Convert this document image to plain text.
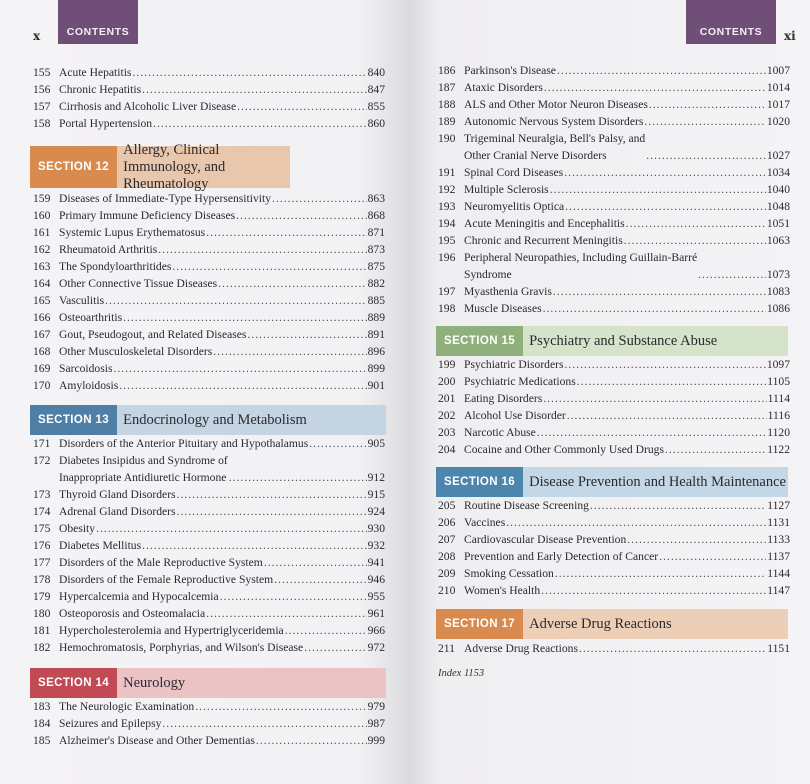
x	CONTENTS
155 Acute Hepatitis .....	840
156 Chronic Hepatitis .....	847
157 Cirrhosis and Alcoholic Liver Disease .....	855
158 Portal Hypertension .....	860
SECTION 12
Allergy, Clinical Immunology, and Rheumatology
159 Diseases of Immediate-Type Hypersensitivity .....	863
160 Primary Immune Deficiency Diseases .....	868
161 Systemic Lupus Erythematosus .....	871
162 Rheumatoid Arthritis .....	873
163 The Spondyloarthritides .....	875
164 Other Connective Tissue Diseases .....	882
165 Vasculitis .....	885
166 Osteoarthritis .....	889
167 Gout, Pseudogout, and Related Diseases .....	891
168 Other Musculoskeletal Disorders .....	896
169 Sarcoidosis .....	899
170 Amyloidosis .....	901
SECTION 13 Endocrinology and Metabolism
171 Disorders of the Anterior Pituitary and Hypothalamus .....	905
172 Diabetes Insipidus and Syndrome of
Inappropriate Antidiuretic Hormone .....	912
173 Thyroid Gland Disorders .....	915
174 Adrenal Gland Disorders .....	924
175 Obesity .....	930
176 Diabetes Mellitus .....	932
177 Disorders of the Male Reproductive System .....	941
178 Disorders of the Female Reproductive System .....	946
179 Hypercalcemia and Hypocalcemia .....	955
180 Osteoporosis and Osteomalacia .....	961
181 Hypercholesterolemia and Hypertriglyceridemia .....	966
182 Hemochromatosis, Porphyrias, and Wilson's Disease .....	972
SECTION 14 Neurology
183 The Neurologic Examination .....	979
184 Seizures and Epilepsy .....	987
185 Alzheimer's Disease and Other Dementias .....	999
CONTENTS	xi
186 Parkinson's Disease .....	1007
187 Ataxic Disorders .....	1014
188 ALS and Other Motor Neuron Diseases .....	1017
189 Autonomic Nervous System Disorders .....	1020
190 Trigeminal Neuralgia, Bell's Palsy, and
Other Cranial Nerve Disorders .....	1027
191 Spinal Cord Diseases .....	1034
192 Multiple Sclerosis .....	1040
193 Neuromyelitis Optica .....	1048
194 Acute Meningitis and Encephalitis .....	1051
195 Chronic and Recurrent Meningitis .....	1063
196 Peripheral Neuropathies, Including Guillain-Barré
Syndrome .....	1073
197 Myasthenia Gravis .....	1083
198 Muscle Diseases .....	1086
SECTION 15 Psychiatry and Substance Abuse
199 Psychiatric Disorders .....	1097
200 Psychiatric Medications .....	1105
201 Eating Disorders .....	1114
202 Alcohol Use Disorder .....	1116
203 Narcotic Abuse .....	1120
204 Cocaine and Other Commonly Used Drugs .....	1122
SECTION 16 Disease Prevention and Health Maintenance
205 Routine Disease Screening .....	1127
206 Vaccines .....	1131
207 Cardiovascular Disease Prevention .....	1133
208 Prevention and Early Detection of Cancer .....	1137
209 Smoking Cessation .....	1144
210 Women's Health .....	1147
SECTION 17 Adverse Drug Reactions
211 Adverse Drug Reactions .....	1151
Index 1153
